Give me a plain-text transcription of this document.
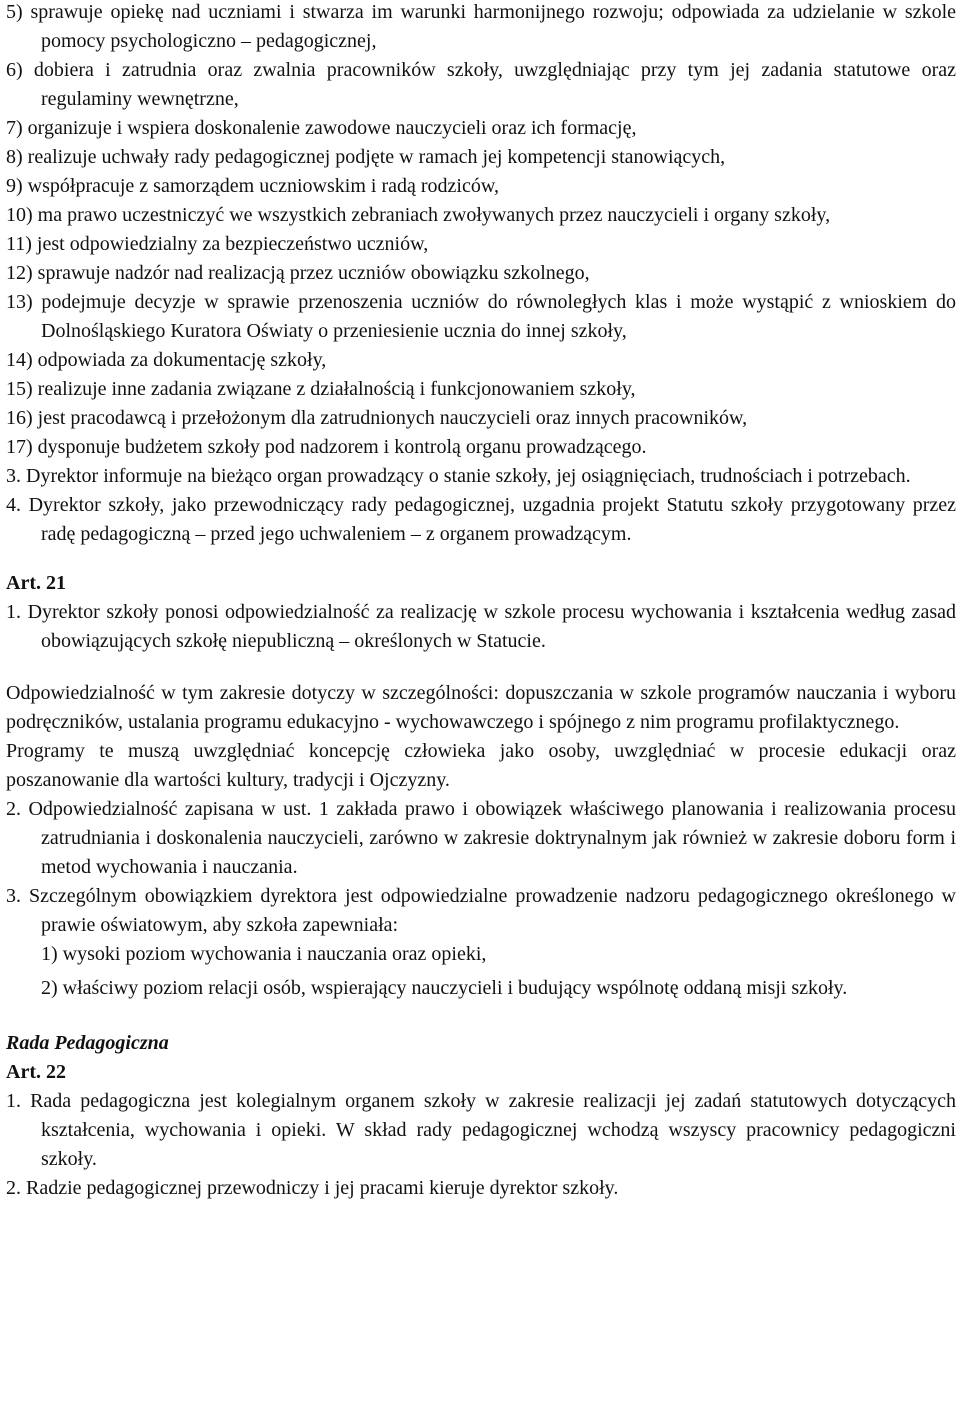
5) sprawuje opiekę nad uczniami i stwarza im warunki harmonijnego rozwoju; odpowiada za udzielanie w szkole pomocy psychologiczno – pedagogicznej,

6) dobiera i zatrudnia oraz zwalnia pracowników szkoły, uwzględniając przy tym jej zadania statutowe oraz regulaminy wewnętrzne,

7) organizuje i wspiera doskonalenie zawodowe nauczycieli oraz ich formację,

8) realizuje uchwały rady pedagogicznej podjęte w ramach jej kompetencji stanowiących,

9) współpracuje z samorządem uczniowskim i radą rodziców,

10) ma prawo uczestniczyć we wszystkich zebraniach zwoływanych przez nauczycieli i organy szkoły,

11) jest odpowiedzialny za bezpieczeństwo uczniów,

12) sprawuje nadzór nad realizacją przez uczniów obowiązku szkolnego,

13) podejmuje decyzje w sprawie przenoszenia uczniów do równoległych klas i może wystąpić z wnioskiem do Dolnośląskiego Kuratora Oświaty o przeniesienie ucznia do innej szkoły,

14) odpowiada za dokumentację szkoły,

15) realizuje inne zadania związane z działalnością i funkcjonowaniem szkoły,

16) jest pracodawcą i przełożonym dla zatrudnionych nauczycieli oraz innych pracowników,

17) dysponuje budżetem szkoły pod nadzorem i kontrolą organu prowadzącego.

3. Dyrektor informuje na bieżąco organ prowadzący o stanie szkoły, jej osiągnięciach, trudnościach i potrzebach.

4. Dyrektor szkoły, jako przewodniczący rady pedagogicznej, uzgadnia projekt Statutu szkoły przygotowany przez radę pedagogiczną – przed jego uchwaleniem – z organem prowadzącym.

Art. 21

1. Dyrektor szkoły ponosi odpowiedzialność za realizację w szkole procesu wychowania i kształcenia według zasad obowiązujących szkołę niepubliczną – określonych w Statucie.

Odpowiedzialność w tym zakresie dotyczy w szczególności: dopuszczania w szkole programów nauczania i wyboru podręczników, ustalania programu edukacyjno - wychowawczego i spójnego z nim programu profilaktycznego.

Programy te muszą uwzględniać koncepcję człowieka jako osoby, uwzględniać w procesie edukacji oraz poszanowanie dla wartości kultury, tradycji i Ojczyzny.

2. Odpowiedzialność zapisana w ust. 1 zakłada prawo i obowiązek właściwego planowania i realizowania procesu zatrudniania i doskonalenia nauczycieli, zarówno w zakresie doktrynalnym jak również w zakresie doboru form i metod wychowania i nauczania.

3. Szczególnym obowiązkiem dyrektora jest odpowiedzialne prowadzenie nadzoru pedagogicznego określonego w prawie oświatowym, aby szkoła zapewniała:

1) wysoki poziom wychowania i nauczania oraz opieki,

2) właściwy poziom relacji osób, wspierający nauczycieli i budujący wspólnotę oddaną misji szkoły.

Rada Pedagogiczna

Art. 22

1. Rada pedagogiczna jest kolegialnym organem szkoły w zakresie realizacji jej zadań statutowych dotyczących kształcenia, wychowania i opieki. W skład rady pedagogicznej wchodzą wszyscy pracownicy pedagogiczni szkoły.

2. Radzie pedagogicznej przewodniczy i jej pracami kieruje dyrektor szkoły.
